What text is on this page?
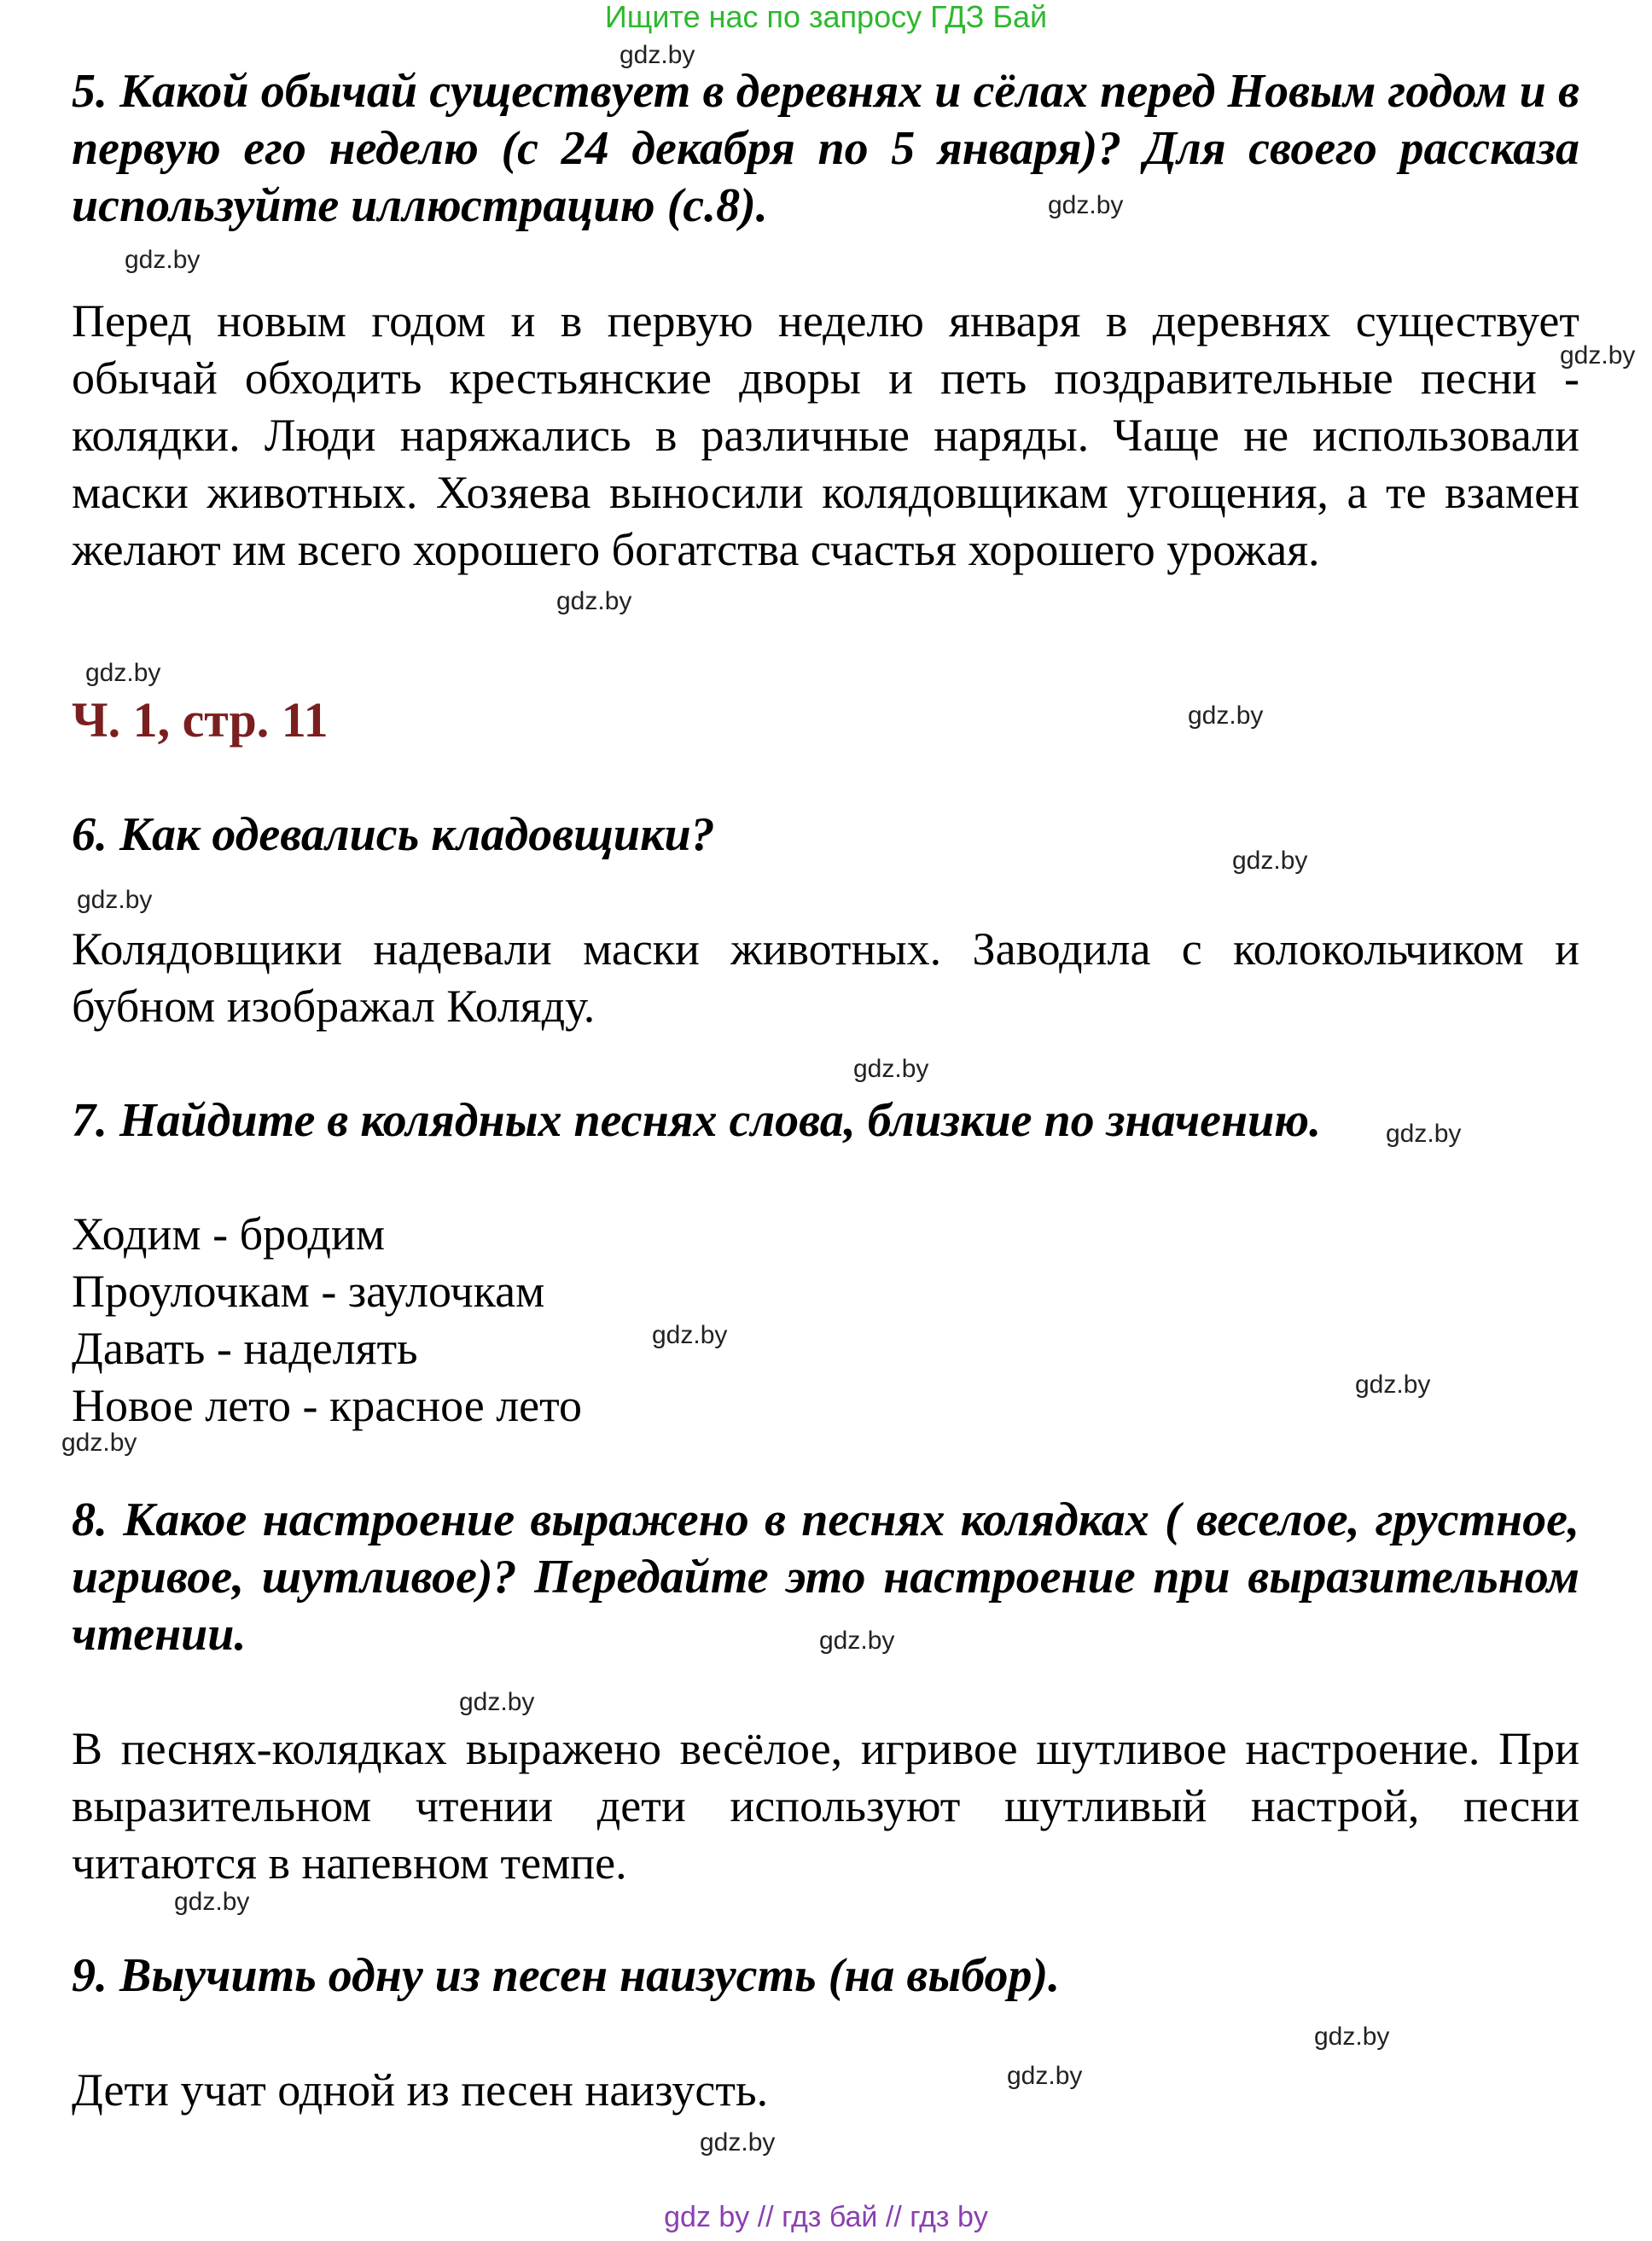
Ищите нас по запросу ГДЗ Бай

5. Какой обычай существует в деревнях и сёлах перед Новым годом и в первую его неделю (с 24 декабря по 5 января)? Для своего рассказа используйте иллюстрацию (с.8).

Перед новым годом и в первую неделю января в деревнях существует обычай обходить крестьянские дворы и петь поздравительные песни - колядки. Люди наряжались в различные наряды. Чаще не использовали маски животных. Хозяева выносили колядовщикам угощения, а те взамен желают им всего хорошего богатства счастья хорошего урожая.

Ч. 1, стр. 11

6. Как одевались кладовщики?

Колядовщики надевали маски животных. Заводила с колокольчиком и бубном изображал Коляду.

7. Найдите в колядных песнях слова, близкие по значению.

Ходим - бродим
Проулочкам - заулочкам
Давать - наделять
Новое лето - красное лето

8. Какое настроение выражено в песнях колядках ( веселое, грустное, игривое, шутливое)? Передайте это настроение при выразительном чтении.

В песнях-колядках выражено весёлое, игривое шутливое настроение. При выразительном чтении дети используют шутливый настрой, песни читаются в напевном темпе.

9. Выучить одну из песен наизусть (на выбор).

Дети учат одной из песен наизусть.

gdz.by
gdz.by
gdz.by
gdz.by
gdz.by
gdz.by
gdz.by
gdz.by
gdz.by
gdz.by
gdz.by
gdz.by
gdz.by
gdz.by
gdz.by
gdz.by
gdz.by
gdz.by
gdz.by
gdz.by
gdz by // гдз бай // гдз by
